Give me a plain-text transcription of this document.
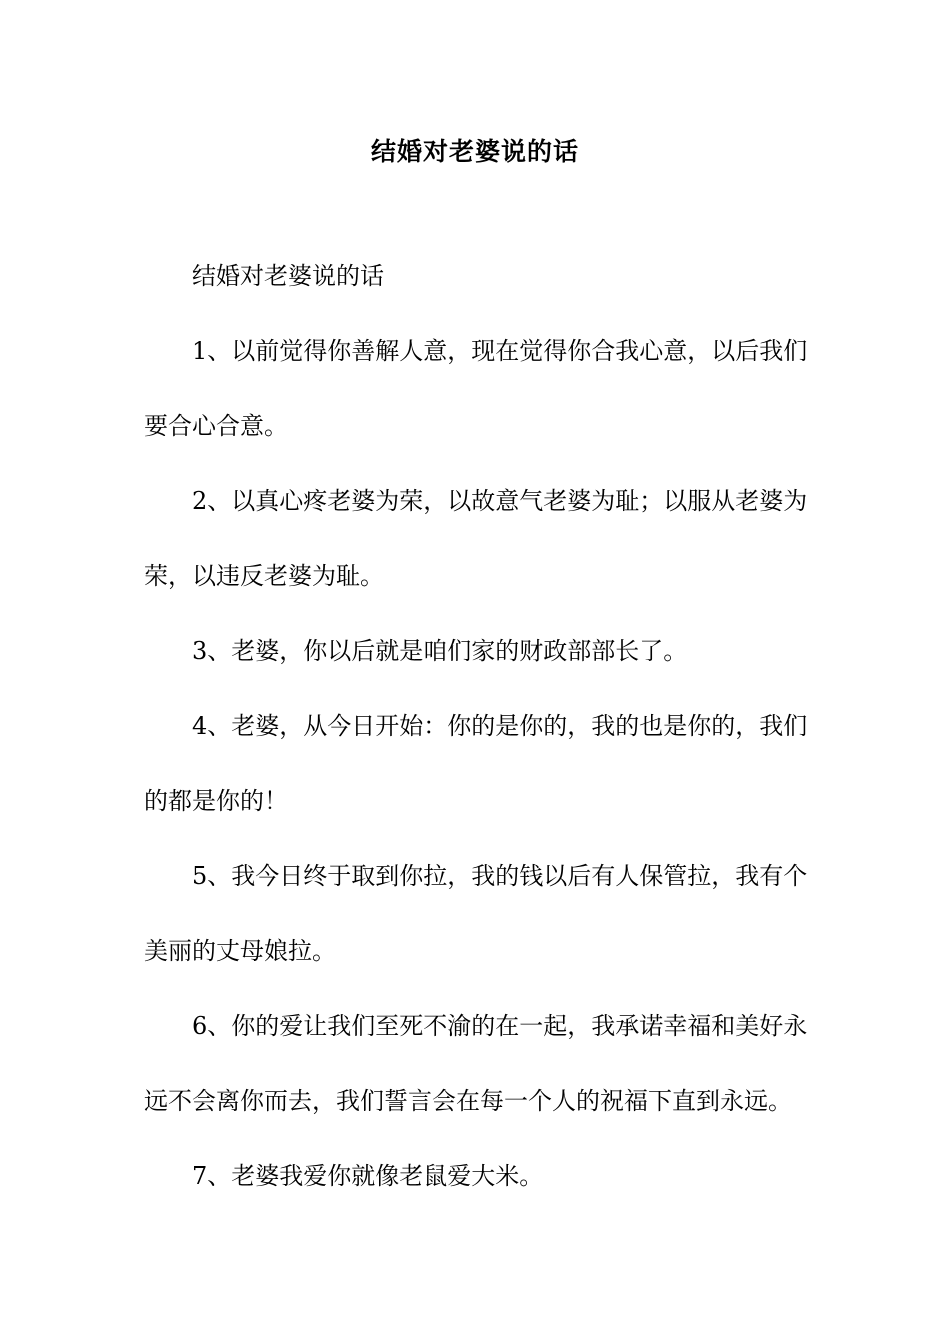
结婚对老婆说的话

结婚对老婆说的话

1、以前觉得你善解人意，现在觉得你合我心意，以后我们
要合心合意。

2、以真心疼老婆为荣，以故意气老婆为耻；以服从老婆为
荣，以违反老婆为耻。

3、老婆，你以后就是咱们家的财政部部长了。

4、老婆，从今日开始：你的是你的，我的也是你的，我们
的都是你的！

5、我今日终于取到你拉，我的钱以后有人保管拉，我有个
美丽的丈母娘拉。

6、你的爱让我们至死不渝的在一起，我承诺幸福和美好永
远不会离你而去，我们誓言会在每一个人的祝福下直到永远。

7、老婆我爱你就像老鼠爱大米。
